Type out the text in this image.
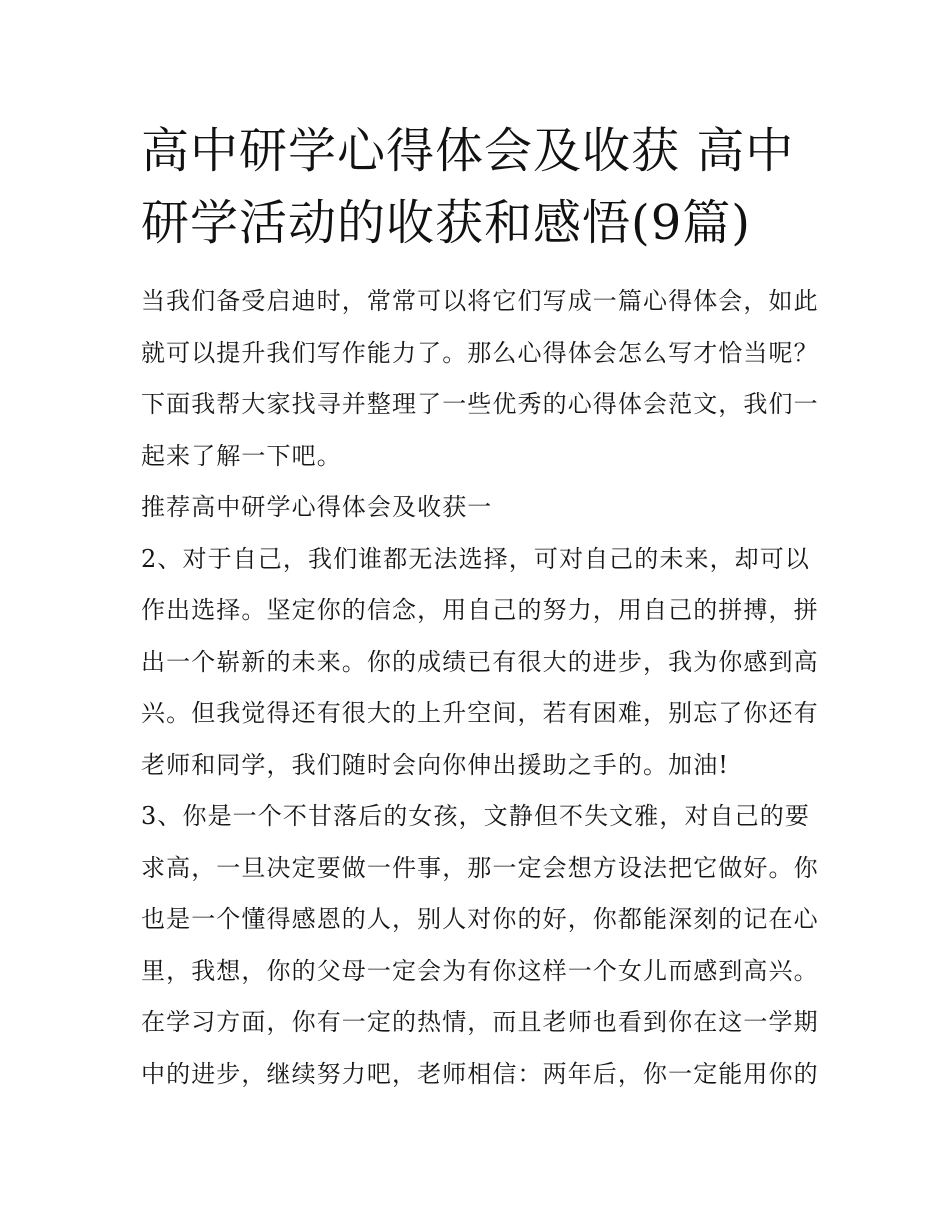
高中研学心得体会及收获 高中研学活动的收获和感悟(9篇)

当我们备受启迪时，常常可以将它们写成一篇心得体会，如此就可以提升我们写作能力了。那么心得体会怎么写才恰当呢？下面我帮大家找寻并整理了一些优秀的心得体会范文，我们一起来了解一下吧。

推荐高中研学心得体会及收获一

2、对于自己，我们谁都无法选择，可对自己的未来，却可以作出选择。坚定你的信念，用自己的努力，用自己的拼搏，拼出一个崭新的未来。你的成绩已有很大的进步，我为你感到高兴。但我觉得还有很大的上升空间，若有困难，别忘了你还有老师和同学，我们随时会向你伸出援助之手的。加油!

3、你是一个不甘落后的女孩，文静但不失文雅，对自己的要求高，一旦决定要做一件事，那一定会想方设法把它做好。你也是一个懂得感恩的人，别人对你的好，你都能深刻的记在心里，我想，你的父母一定会为有你这样一个女儿而感到高兴。在学习方面，你有一定的热情，而且老师也看到你在这一学期中的进步，继续努力吧，老师相信：两年后，你一定能用你的
